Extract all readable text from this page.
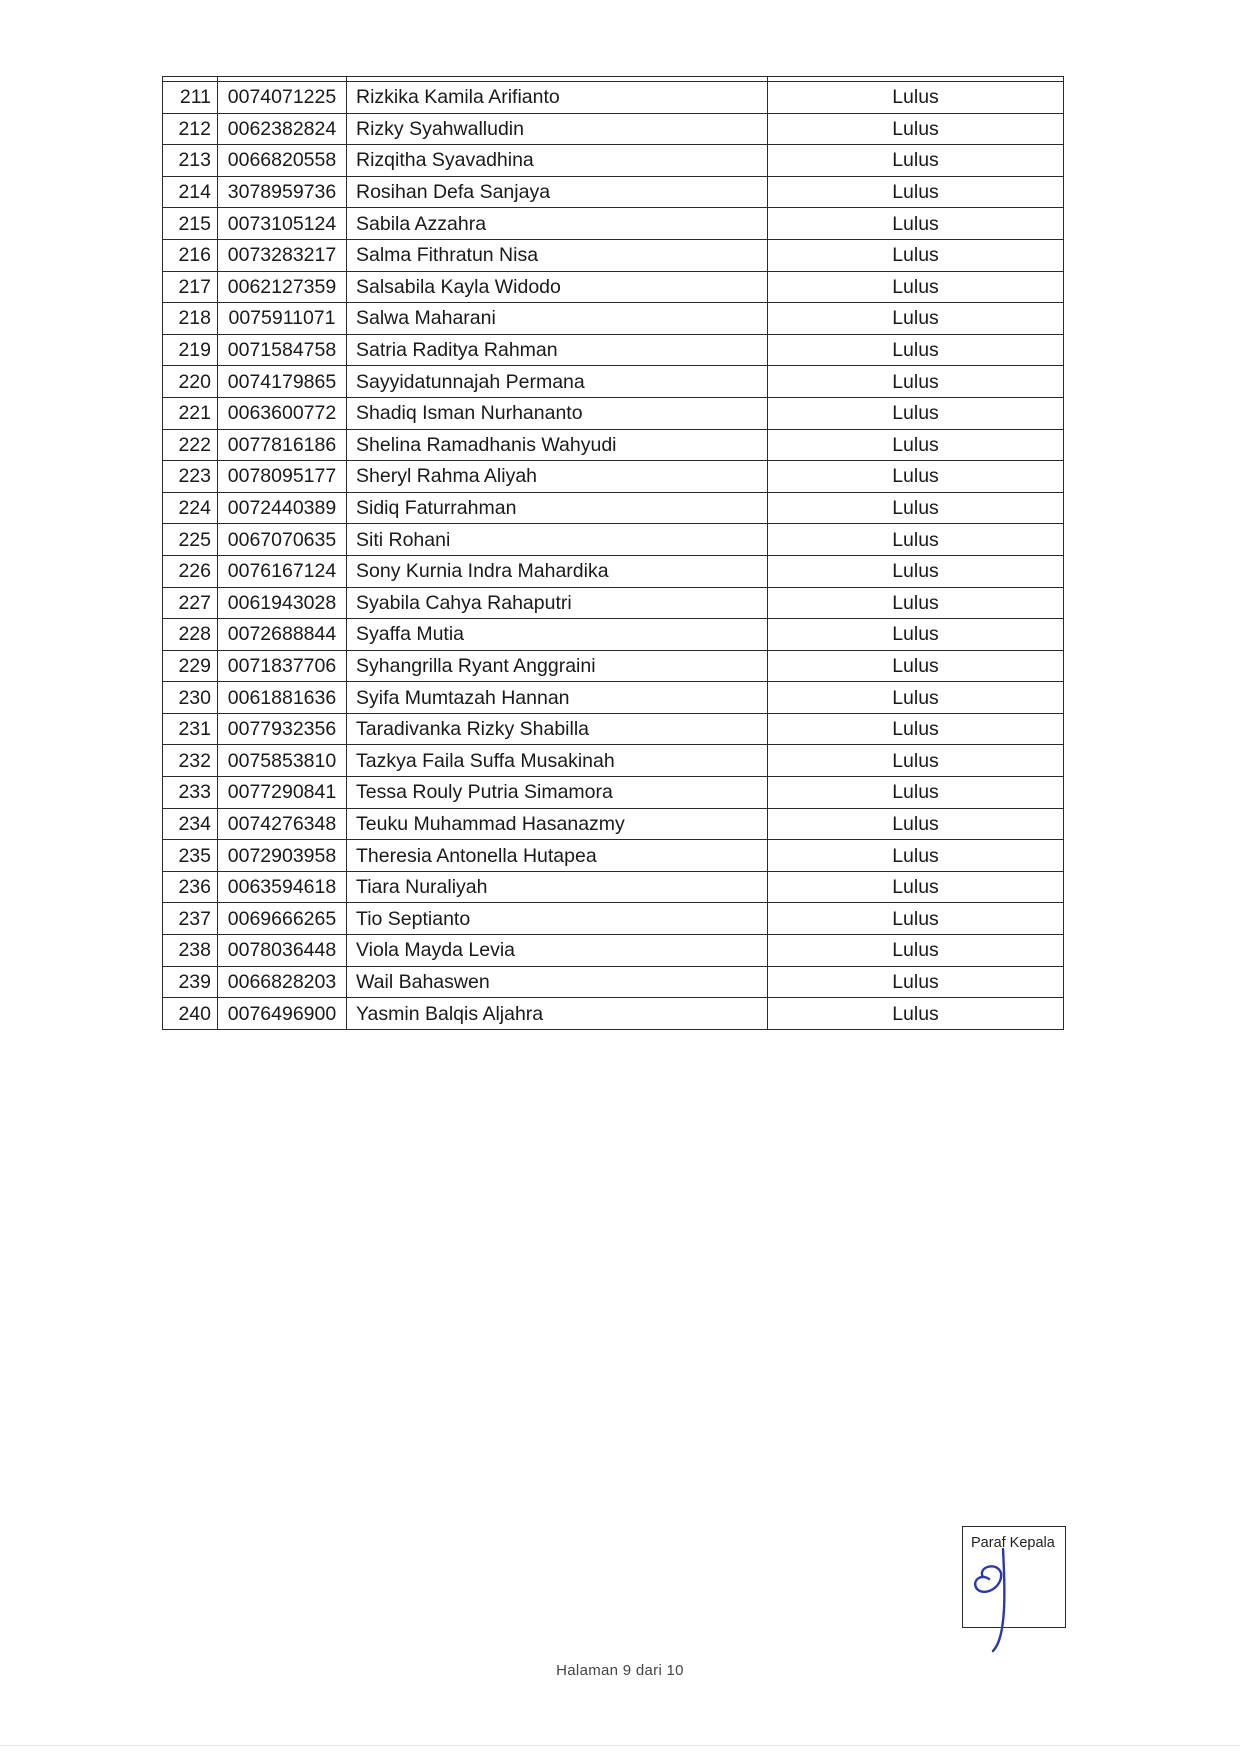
211	0074071225	Rizkika Kamila Arifianto	Lulus
212	0062382824	Rizky Syahwalludin	Lulus
213	0066820558	Rizqitha Syavadhina	Lulus
214	3078959736	Rosihan Defa Sanjaya	Lulus
215	0073105124	Sabila Azzahra	Lulus
216	0073283217	Salma Fithratun Nisa	Lulus
217	0062127359	Salsabila Kayla Widodo	Lulus
218	0075911071	Salwa Maharani	Lulus
219	0071584758	Satria Raditya Rahman	Lulus
220	0074179865	Sayyidatunnajah Permana	Lulus
221	0063600772	Shadiq Isman Nurhananto	Lulus
222	0077816186	Shelina Ramadhanis Wahyudi	Lulus
223	0078095177	Sheryl Rahma Aliyah	Lulus
224	0072440389	Sidiq Faturrahman	Lulus
225	0067070635	Siti Rohani	Lulus
226	0076167124	Sony Kurnia Indra Mahardika	Lulus
227	0061943028	Syabila Cahya Rahaputri	Lulus
228	0072688844	Syaffa Mutia	Lulus
229	0071837706	Syhangrilla Ryant Anggraini	Lulus
230	0061881636	Syifa Mumtazah Hannan	Lulus
231	0077932356	Taradivanka Rizky Shabilla	Lulus
232	0075853810	Tazkya Faila Suffa Musakinah	Lulus
233	0077290841	Tessa Rouly Putria Simamora	Lulus
234	0074276348	Teuku Muhammad Hasanazmy	Lulus
235	0072903958	Theresia Antonella Hutapea	Lulus
236	0063594618	Tiara Nuraliyah	Lulus
237	0069666265	Tio Septianto	Lulus
238	0078036448	Viola Mayda Levia	Lulus
239	0066828203	Wail Bahaswen	Lulus
240	0076496900	Yasmin Balqis Aljahra	Lulus
Paraf Kepala
Halaman 9 dari 10
